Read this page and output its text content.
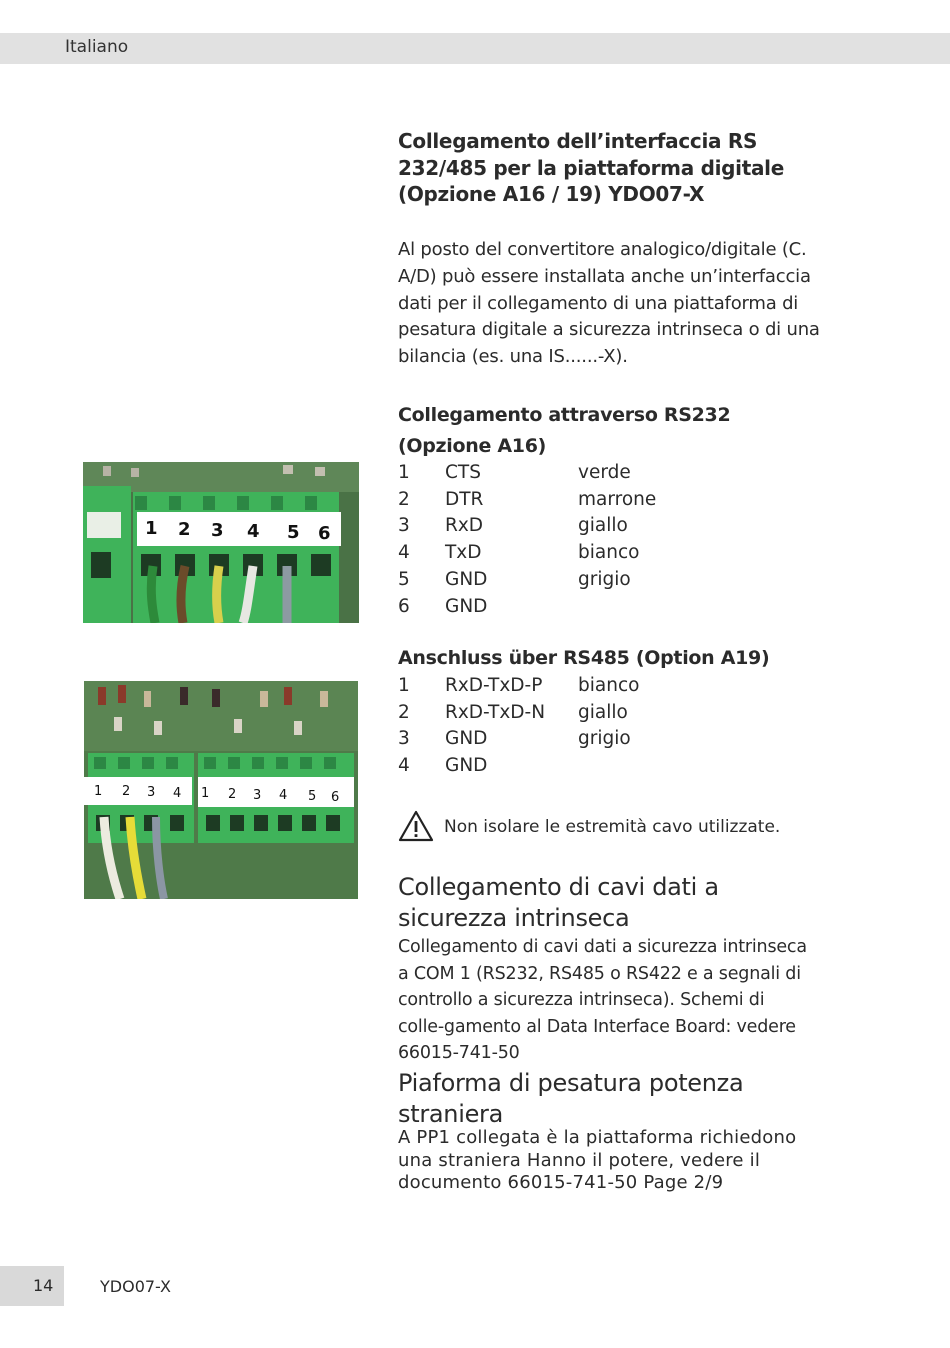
Italiano
Collegamento dell’interfaccia RS 232/485 per la piattaforma digitale (Opzione A16 / 19) YDO07-X
Al posto del convertitore analogico/digitale (C. A/D) può essere installata anche un’interfaccia dati per il collegamento di una piattaforma di pesatura digitale a sicurezza intrinseca o di una bilancia (es. una IS......-X).
Collegamento attraverso RS232
(Opzione A16)
1	CTS	verde
2	DTR	marrone
3	RxD	giallo
4	TxD	bianco
5	GND	grigio
6	GND	
Anschluss über RS485 (Option A19)
1	RxD-TxD-P	bianco
2	RxD-TxD-N	giallo
3	GND	grigio
4	GND	
Non isolare le estremità cavo utilizzate.
Collegamento di cavi dati a sicurezza intrinseca
Collegamento di cavi dati a sicurezza intrinseca a COM 1 (RS232, RS485 o RS422 e a segnali di controllo a sicurezza intrinseca). Schemi di colle-gamento al Data Interface Board: vedere 66015-741-50
Piaforma di pesatura potenza straniera
A PP1 collegata è la piattaforma richiedono una straniera Hanno il potere, vedere il documento 66015-741-50 Page 2/9
1 2 3 4 5 6
1 2 3 4 1 2 3 4 5 6
14	YDO07-X
